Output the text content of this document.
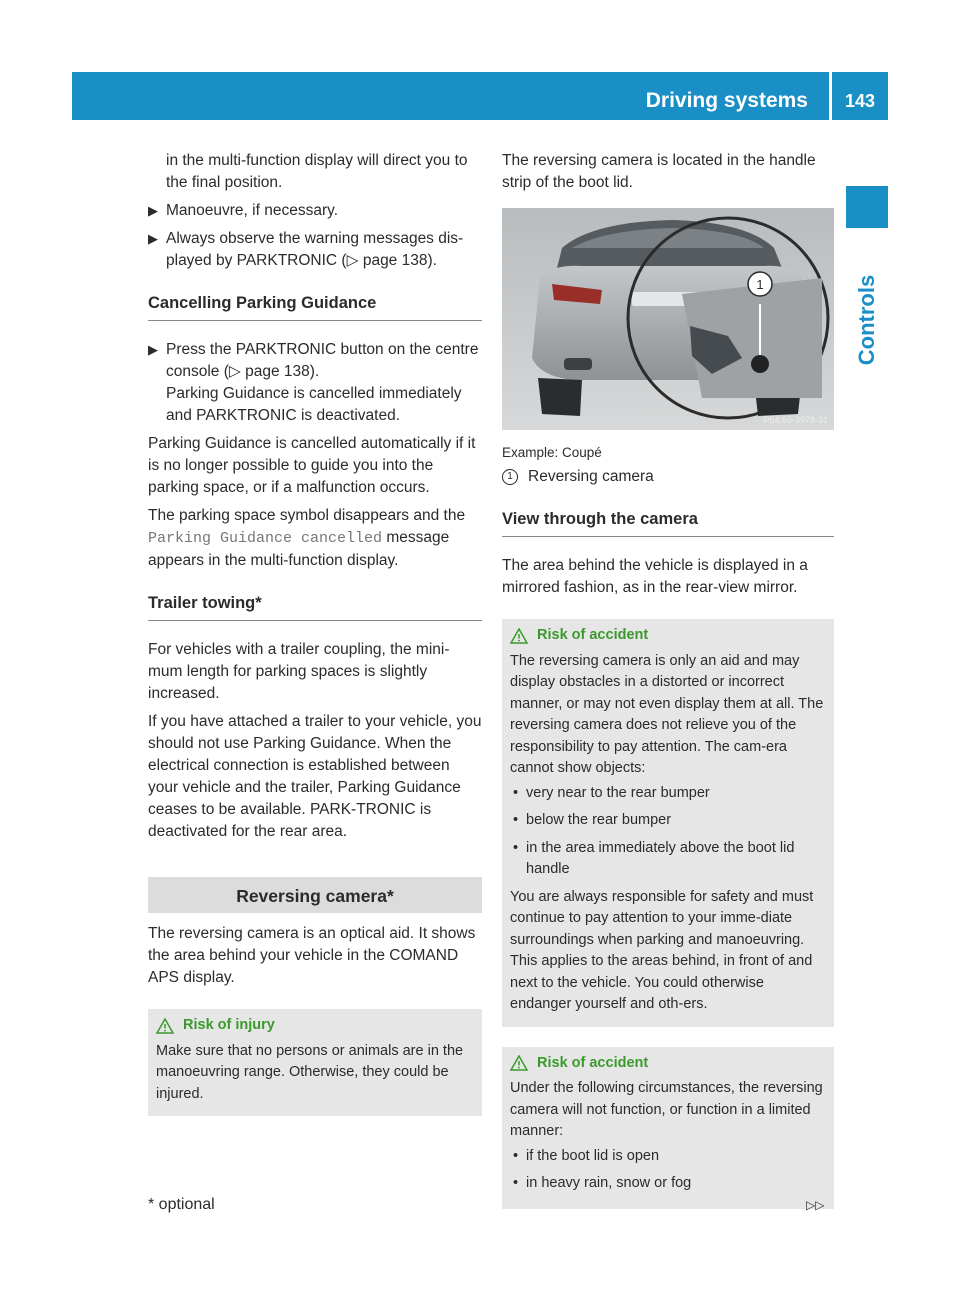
Driving systems	143
Controls

in the multi-function display will direct you to the final position.

▶ Manoeuvre, if necessary.
▶ Always observe the warning messages dis-played by PARKTRONIC (▷ page 138).
Cancelling Parking Guidance
▶ Press the PARKTRONIC button on the centre console (▷ page 138).
Parking Guidance is cancelled immediately and PARKTRONIC is deactivated.

Parking Guidance is cancelled automatically if it is no longer possible to guide you into the parking space, or if a malfunction occurs.

The parking space symbol disappears and the Parking Guidance cancelled message appears in the multi-function display.

Trailer towing*

For vehicles with a trailer coupling, the mini-mum length for parking spaces is slightly increased.

If you have attached a trailer to your vehicle, you should not use Parking Guidance. When the electrical connection is established between your vehicle and the trailer, Parking Guidance ceases to be available. PARK-TRONIC is deactivated for the rear area.

Reversing camera*

The reversing camera is an optical aid. It shows the area behind your vehicle in the COMAND APS display.

Risk of injury

Make sure that no persons or animals are in the manoeuvring range. Otherwise, they could be injured.

The reversing camera is located in the handle strip of the boot lid.

1
P54.65-3978-31
Example: Coupé
1 Reversing camera
View through the camera

The area behind the vehicle is displayed in a mirrored fashion, as in the rear-view mirror.

Risk of accident

The reversing camera is only an aid and may display obstacles in a distorted or incorrect manner, or may not even display them at all. The reversing camera does not relieve you of the responsibility to pay attention. The cam-era cannot show objects:

• very near to the rear bumper
• below the rear bumper
• in the area immediately above the boot lid handle

You are always responsible for safety and must continue to pay attention to your imme-diate surroundings when parking and manoeuvring. This applies to the areas behind, in front of and next to the vehicle. You could otherwise endanger yourself and oth-ers.

Risk of accident

Under the following circumstances, the reversing camera will not function, or function in a limited manner:

• if the boot lid is open
• in heavy rain, snow or fog
* optional	▷▷
